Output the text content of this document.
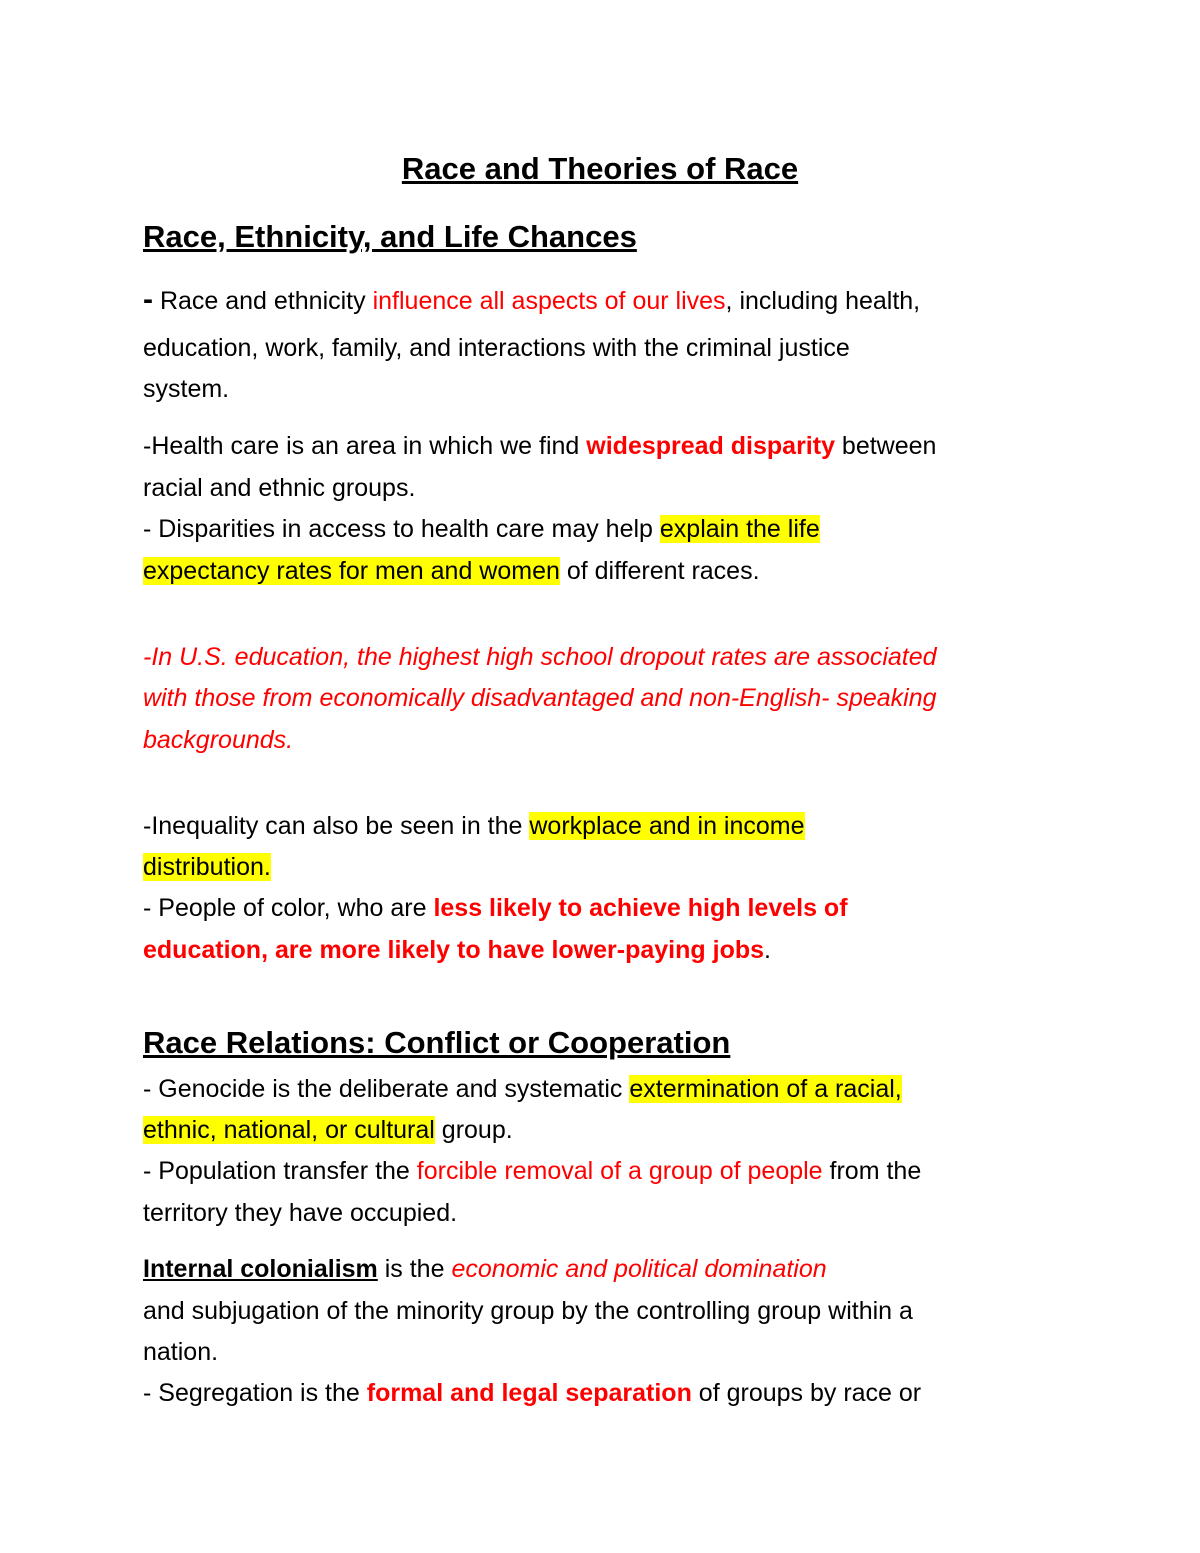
Race and Theories of Race
Race, Ethnicity, and Life Chances
- Race and ethnicity influence all aspects of our lives, including health,
education, work, family, and interactions with the criminal justice
system.
-Health care is an area in which we find widespread disparity between
racial and ethnic groups.
- Disparities in access to health care may help explain the life
expectancy rates for men and women of different races.
-In U.S. education, the highest high school dropout rates are associated
with those from economically disadvantaged and non-English- speaking
backgrounds.
-Inequality can also be seen in the workplace and in income
distribution.
- People of color, who are less likely to achieve high levels of
education, are more likely to have lower-paying jobs.
Race Relations: Conflict or Cooperation
- Genocide is the deliberate and systematic extermination of a racial,
ethnic, national, or cultural group.
- Population transfer the forcible removal of a group of people from the
territory they have occupied.
Internal colonialism is the economic and political domination
and subjugation of the minority group by the controlling group within a
nation.
- Segregation is the formal and legal separation of groups by race or
